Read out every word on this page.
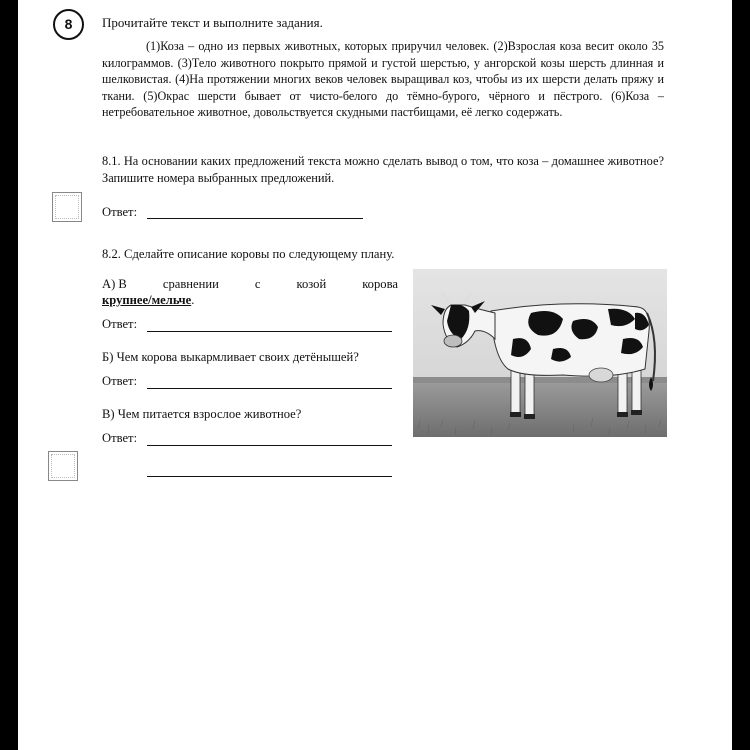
8	Прочитайте текст и выполните задания.
(1)Коза – одно из первых животных, которых приручил человек. (2)Взрослая коза весит около 35 килограммов. (3)Тело животного покрыто прямой и густой шерстью, у ангорской козы шерсть длинная и шелковистая. (4)На протяжении многих веков человек выращивал коз, чтобы из их шерсти делать пряжу и ткани. (5)Окрас шерсти бывает от чисто-белого до тёмно-бурого, чёрного и пёстрого. (6)Коза – нетребовательное животное, довольствуется скудными пастбищами, её легко содержать.
8.1. На основании каких предложений текста можно сделать вывод о том, что коза – домашнее животное? Запишите номера выбранных предложений.
Ответ:
8.2. Сделайте описание коровы по следующему плану.
А) В	сравнении	с	козой	корова
крупнее/мельче.
Ответ:
Б) Чем корова выкармливает своих детёнышей?
Ответ:
В) Чем питается взрослое животное?
Ответ:
